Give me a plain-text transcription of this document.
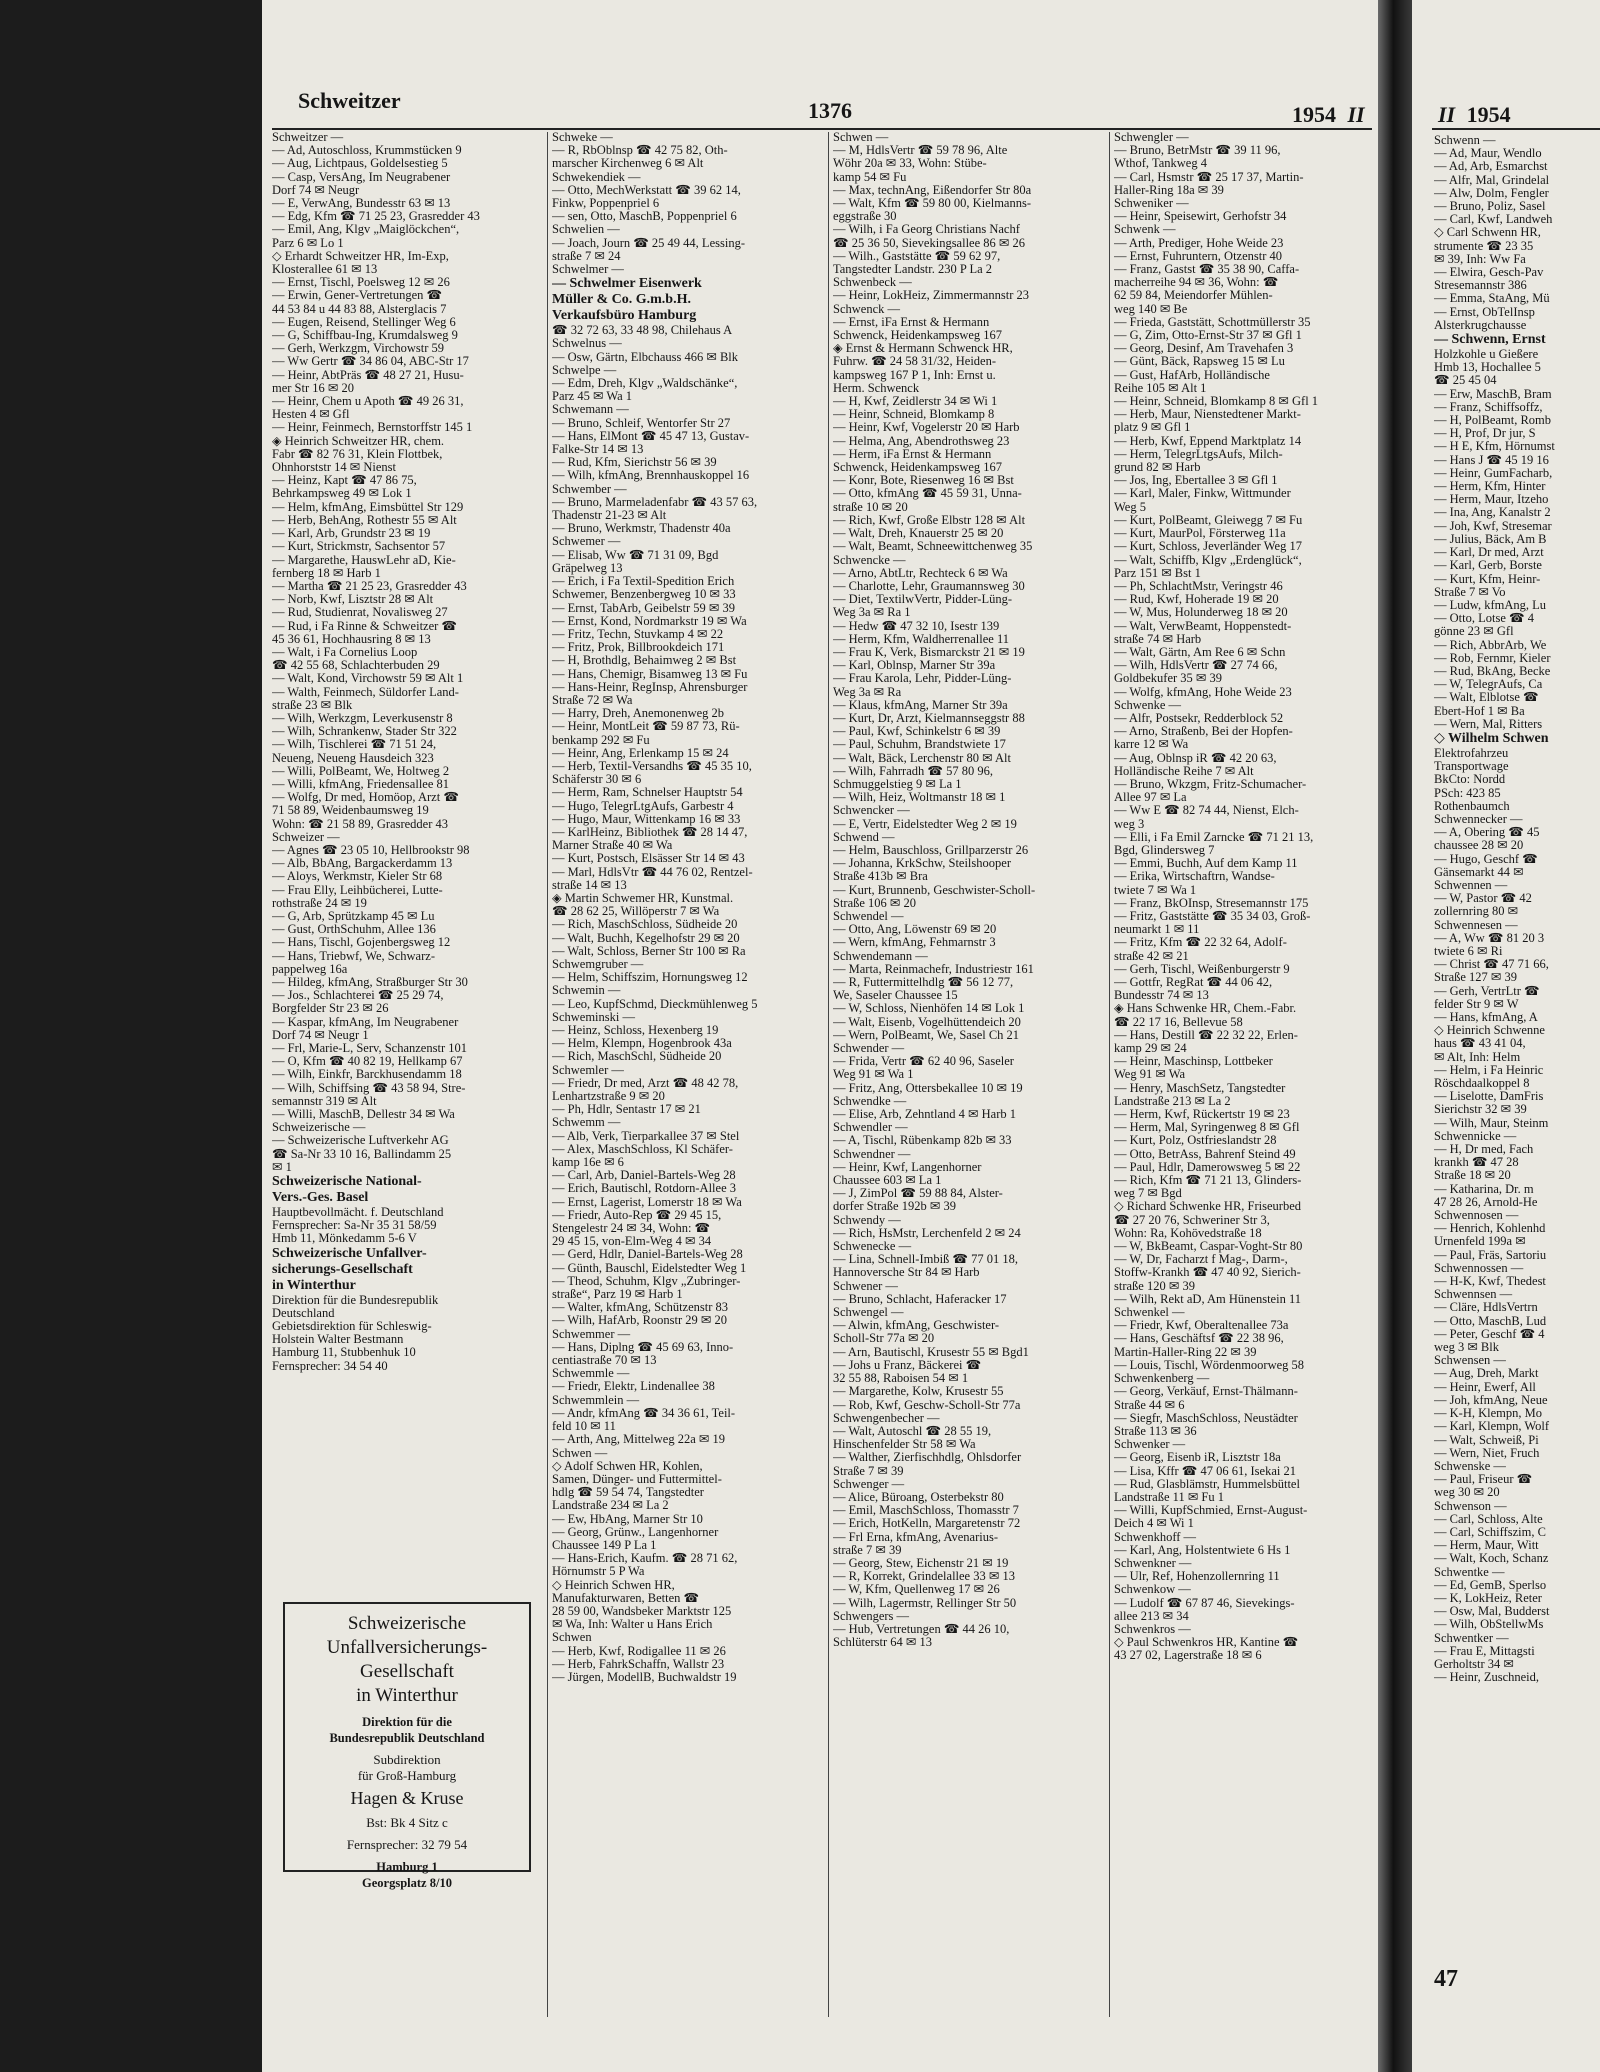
Schweitzer	1376	1954 II
Schweitzer —
— Ad, Autoschloss, Krummstücken 9
— Aug, Lichtpaus, Goldelsestieg 5
— Casp, VersAng, Im Neugrabener
Dorf 74 ✉ Neugr
— E, VerwAng, Bundesstr 63 ✉ 13
— Edg, Kfm ☎ 71 25 23, Grasredder 43
— Emil, Ang, Klgv „Maiglöckchen“,
Parz 6 ✉ Lo 1
◇ Erhardt Schweitzer HR, Im-Exp,
Klosterallee 61 ✉ 13
— Ernst, Tischl, Poelsweg 12 ✉ 26
— Erwin, Gener-Vertretungen ☎
44 53 84 u 44 83 88, Alsterglacis 7
— Eugen, Reisend, Stellinger Weg 6
— G, Schiffbau-Ing, Krumdalsweg 9
— Gerh, Werkzgm, Virchowstr 59
— Ww Gertr ☎ 34 86 04, ABC-Str 17
— Heinr, AbtPräs ☎ 48 27 21, Husu-
mer Str 16 ✉ 20
— Heinr, Chem u Apoth ☎ 49 26 31,
Hesten 4 ✉ Gfl
— Heinr, Feinmech, Bernstorffstr 145 1
◈ Heinrich Schweitzer HR, chem.
Fabr ☎ 82 76 31, Klein Flottbek,
Ohnhorststr 14 ✉ Nienst
— Heinz, Kapt ☎ 47 86 75,
Behrkampsweg 49 ✉ Lok 1
— Helm, kfmAng, Eimsbüttel Str 129
— Herb, BehAng, Rothestr 55 ✉ Alt
— Karl, Arb, Grundstr 23 ✉ 19
— Kurt, Strickmstr, Sachsentor 57
— Margarethe, HauswLehr aD, Kie-
fernberg 18 ✉ Harb 1
— Martha ☎ 21 25 23, Grasredder 43
— Norb, Kwf, Lisztstr 28 ✉ Alt
— Rud, Studienrat, Novalisweg 27
— Rud, i Fa Rinne & Schweitzer ☎
45 36 61, Hochhausring 8 ✉ 13
— Walt, i Fa Cornelius Loop
☎ 42 55 68, Schlachterbuden 29
— Walt, Kond, Virchowstr 59 ✉ Alt 1
— Walth, Feinmech, Süldorfer Land-
straße 23 ✉ Blk
— Wilh, Werkzgm, Leverkusenstr 8
— Wilh, Schrankenw, Stader Str 322
— Wilh, Tischlerei ☎ 71 51 24,
Neueng, Neueng Hausdeich 323
— Willi, PolBeamt, We, Holtweg 2
— Willi, kfmAng, Friedensallee 81
— Wolfg, Dr med, Homöop, Arzt ☎
71 58 89, Weidenbaumsweg 19
Wohn: ☎ 21 58 89, Grasredder 43
Schweizer —
— Agnes ☎ 23 05 10, Hellbrookstr 98
— Alb, BbAng, Bargackerdamm 13
— Aloys, Werkmstr, Kieler Str 68
— Frau Elly, Leihbücherei, Lutte-
rothstraße 24 ✉ 19
— G, Arb, Sprützkamp 45 ✉ Lu
— Gust, OrthSchuhm, Allee 136
— Hans, Tischl, Gojenbergsweg 12
— Hans, Triebwf, We, Schwarz-
pappelweg 16a
— Hildeg, kfmAng, Straßburger Str 30
— Jos., Schlachterei ☎ 25 29 74,
Borgfelder Str 23 ✉ 26
— Kaspar, kfmAng, Im Neugrabener
Dorf 74 ✉ Neugr 1
— Frl, Marie-L, Serv, Schanzenstr 101
— O, Kfm ☎ 40 82 19, Hellkamp 67
— Wilh, Einkfr, Barckhusendamm 18
— Wilh, Schiffsing ☎ 43 58 94, Stre-
semannstr 319 ✉ Alt
— Willi, MaschB, Dellestr 34 ✉ Wa
Schweizerische —
— Schweizerische Luftverkehr AG
☎ Sa-Nr 33 10 16, Ballindamm 25
✉ 1
Schweizerische National-
Vers.-Ges. Basel
Hauptbevollmächt. f. Deutschland
Fernsprecher: Sa-Nr 35 31 58/59
Hmb 11, Mönkedamm 5-6 V
Schweizerische Unfallver-
sicherungs-Gesellschaft
in Winterthur
Direktion für die Bundesrepublik
Deutschland
Gebietsdirektion für Schleswig-
Holstein Walter Bestmann
Hamburg 11, Stubbenhuk 10
Fernsprecher: 34 54 40
Schweke —
— R, RbOblnsp ☎ 42 75 82, Oth-
marscher Kirchenweg 6 ✉ Alt
Schwekendiek —
— Otto, MechWerkstatt ☎ 39 62 14,
Finkw, Poppenpriel 6
— sen, Otto, MaschB, Poppenpriel 6
Schwelien —
— Joach, Journ ☎ 25 49 44, Lessing-
straße 7 ✉ 24
Schwelmer —
— Schwelmer Eisenwerk
Müller & Co. G.m.b.H.
Verkaufsbüro Hamburg
☎ 32 72 63, 33 48 98, Chilehaus A
Schwelnus —
— Osw, Gärtn, Elbchauss 466 ✉ Blk
Schwelpe —
— Edm, Dreh, Klgv „Waldschänke“,
Parz 45 ✉ Wa 1
Schwemann —
— Bruno, Schleif, Wentorfer Str 27
— Hans, ElMont ☎ 45 47 13, Gustav-
Falke-Str 14 ✉ 13
— Rud, Kfm, Sierichstr 56 ✉ 39
— Wilh, kfmAng, Brennhauskoppel 16
Schwember —
— Bruno, Marmeladenfabr ☎ 43 57 63,
Thadenstr 21-23 ✉ Alt
— Bruno, Werkmstr, Thadenstr 40a
Schwemer —
— Elisab, Ww ☎ 71 31 09, Bgd
Gräpelweg 13
— Erich, i Fa Textil-Spedition Erich
Schwemer, Benzenbergweg 10 ✉ 33
— Ernst, TabArb, Geibelstr 59 ✉ 39
— Ernst, Kond, Nordmarkstr 19 ✉ Wa
— Fritz, Techn, Stuvkamp 4 ✉ 22
— Fritz, Prok, Billbrookdeich 171
— H, Brothdlg, Behaimweg 2 ✉ Bst
— Hans, Chemigr, Bisamweg 13 ✉ Fu
— Hans-Heinr, RegInsp, Ahrensburger
Straße 72 ✉ Wa
— Harry, Dreh, Anemonenweg 2b
— Heinr, MontLeit ☎ 59 87 73, Rü-
benkamp 292 ✉ Fu
— Heinr, Ang, Erlenkamp 15 ✉ 24
— Herb, Textil-Versandhs ☎ 45 35 10,
Schäferstr 30 ✉ 6
— Herm, Ram, Schnelser Hauptstr 54
— Hugo, TelegrLtgAufs, Garbestr 4
— Hugo, Maur, Wittenkamp 16 ✉ 33
— KarlHeinz, Bibliothek ☎ 28 14 47,
Marner Straße 40 ✉ Wa
— Kurt, Postsch, Elsässer Str 14 ✉ 43
— Marl, HdlsVtr ☎ 44 76 02, Rentzel-
straße 14 ✉ 13
◈ Martin Schwemer HR, Kunstmal.
☎ 28 62 25, Willöperstr 7 ✉ Wa
— Rich, MaschSchloss, Südheide 20
— Walt, Buchh, Kegelhofstr 29 ✉ 20
— Walt, Schloss, Berner Str 100 ✉ Ra
Schwemgruber —
— Helm, Schiffszim, Hornungsweg 12
Schwemin —
— Leo, KupfSchmd, Dieckmühlenweg 5
Schweminski —
— Heinz, Schloss, Hexenberg 19
— Helm, Klempn, Hogenbrook 43a
— Rich, MaschSchl, Südheide 20
Schwemler —
— Friedr, Dr med, Arzt ☎ 48 42 78,
Lenhartzstraße 9 ✉ 20
— Ph, Hdlr, Sentastr 17 ✉ 21
Schwemm —
— Alb, Verk, Tierparkallee 37 ✉ Stel
— Alex, MaschSchloss, Kl Schäfer-
kamp 16e ✉ 6
— Carl, Arb, Daniel-Bartels-Weg 28
— Erich, Bautischl, Rotdorn-Allee 3
— Ernst, Lagerist, Lomerstr 18 ✉ Wa
— Friedr, Auto-Rep ☎ 29 45 15,
Stengelestr 24 ✉ 34, Wohn: ☎
29 45 15, von-Elm-Weg 4 ✉ 34
— Gerd, Hdlr, Daniel-Bartels-Weg 28
— Günth, Bauschl, Eidelstedter Weg 1
— Theod, Schuhm, Klgv „Zubringer-
straße“, Parz 19 ✉ Harb 1
— Walter, kfmAng, Schützenstr 83
— Wilh, HafArb, Roonstr 29 ✉ 20
Schwemmer —
— Hans, Diplng ☎ 45 69 63, Inno-
centiastraße 70 ✉ 13
Schwemmle —
— Friedr, Elektr, Lindenallee 38
Schwemmlein —
— Andr, kfmAng ☎ 34 36 61, Teil-
feld 10 ✉ 11
— Arth, Ang, Mittelweg 22a ✉ 19
Schwen —
◇ Adolf Schwen HR, Kohlen,
Samen, Dünger- und Futtermittel-
hdlg ☎ 59 54 74, Tangstedter
Landstraße 234 ✉ La 2
— Ew, HbAng, Marner Str 10
— Georg, Grünw., Langenhorner
Chaussee 149 P La 1
— Hans-Erich, Kaufm. ☎ 28 71 62,
Hörnumstr 5 P Wa
◇ Heinrich Schwen HR,
Manufakturwaren, Betten ☎
28 59 00, Wandsbeker Marktstr 125
✉ Wa, Inh: Walter u Hans Erich
Schwen
— Herb, Kwf, Rodigallee 11 ✉ 26
— Herb, FahrkSchaffn, Wallstr 23
— Jürgen, ModellB, Buchwaldstr 19
Schwen —
— M, HdlsVertr ☎ 59 78 96, Alte
Wöhr 20a ✉ 33, Wohn: Stübe-
kamp 54 ✉ Fu
— Max, technAng, Eißendorfer Str 80a
— Walt, Kfm ☎ 59 80 00, Kielmanns-
eggstraße 30
— Wilh, i Fa Georg Christians Nachf
☎ 25 36 50, Sievekingsallee 86 ✉ 26
— Wilh., Gaststätte ☎ 59 62 97,
Tangstedter Landstr. 230 P La 2
Schwenbeck —
— Heinr, LokHeiz, Zimmermannstr 23
Schwenck —
— Ernst, iFa Ernst & Hermann
Schwenck, Heidenkampsweg 167
◈ Ernst & Hermann Schwenck HR,
Fuhrw. ☎ 24 58 31/32, Heiden-
kampsweg 167 P 1, Inh: Ernst u.
Herm. Schwenck
— H, Kwf, Zeidlerstr 34 ✉ Wi 1
— Heinr, Schneid, Blomkamp 8
— Heinr, Kwf, Vogelerstr 20 ✉ Harb
— Helma, Ang, Abendrothsweg 23
— Herm, iFa Ernst & Hermann
Schwenck, Heidenkampsweg 167
— Konr, Bote, Riesenweg 16 ✉ Bst
— Otto, kfmAng ☎ 45 59 31, Unna-
straße 10 ✉ 20
— Rich, Kwf, Große Elbstr 128 ✉ Alt
— Walt, Dreh, Knauerstr 25 ✉ 20
— Walt, Beamt, Schneewittchenweg 35
Schwencke —
— Arno, AbtLtr, Rechteck 6 ✉ Wa
— Charlotte, Lehr, Graumannsweg 30
— Diet, TextilwVertr, Pidder-Lüng-
Weg 3a ✉ Ra 1
— Hedw ☎ 47 32 10, Isestr 139
— Herm, Kfm, Waldherrenallee 11
— Frau K, Verk, Bismarckstr 21 ✉ 19
— Karl, Oblnsp, Marner Str 39a
— Frau Karola, Lehr, Pidder-Lüng-
Weg 3a ✉ Ra
— Klaus, kfmAng, Marner Str 39a
— Kurt, Dr, Arzt, Kielmannseggstr 88
— Paul, Kwf, Schinkelstr 6 ✉ 39
— Paul, Schuhm, Brandstwiete 17
— Walt, Bäck, Lerchenstr 80 ✉ Alt
— Wilh, Fahrradh ☎ 57 80 96,
Schmuggelstieg 9 ✉ La 1
— Wilh, Heiz, Woltmanstr 18 ✉ 1
Schwencker —
— E, Vertr, Eidelstedter Weg 2 ✉ 19
Schwend —
— Helm, Bauschloss, Grillparzerstr 26
— Johanna, KrkSchw, Steilshooper
Straße 413b ✉ Bra
— Kurt, Brunnenb, Geschwister-Scholl-
Straße 106 ✉ 20
Schwendel —
— Otto, Ang, Löwenstr 69 ✉ 20
— Wern, kfmAng, Fehmarnstr 3
Schwendemann —
— Marta, Reinmachefr, Industriestr 161
— R, Futtermittelhdlg ☎ 56 12 77,
We, Saseler Chaussee 15
— W, Schloss, Nienhöfen 14 ✉ Lok 1
— Walt, Eisenb, Vogelhüttendeich 20
— Wern, PolBeamt, We, Sasel Ch 21
Schwender —
— Frida, Vertr ☎ 62 40 96, Saseler
Weg 91 ✉ Wa 1
— Fritz, Ang, Ottersbekallee 10 ✉ 19
Schwendke —
— Elise, Arb, Zehntland 4 ✉ Harb 1
Schwendler —
— A, Tischl, Rübenkamp 82b ✉ 33
Schwendner —
— Heinr, Kwf, Langenhorner
Chaussee 603 ✉ La 1
— J, ZimPol ☎ 59 88 84, Alster-
dorfer Straße 192b ✉ 39
Schwendy —
— Rich, HsMstr, Lerchenfeld 2 ✉ 24
Schwenecke —
— Lina, Schnell-Imbiß ☎ 77 01 18,
Hannoversche Str 84 ✉ Harb
Schwener —
— Bruno, Schlacht, Haferacker 17
Schwengel —
— Alwin, kfmAng, Geschwister-
Scholl-Str 77a ✉ 20
— Arn, Bautischl, Krusestr 55 ✉ Bgd1
— Johs u Franz, Bäckerei ☎
32 55 88, Raboisen 54 ✉ 1
— Margarethe, Kolw, Krusestr 55
— Rob, Kwf, Geschw-Scholl-Str 77a
Schwengenbecher —
— Walt, Autoschl ☎ 28 55 19,
Hinschenfelder Str 58 ✉ Wa
— Walther, Zierfischhdlg, Ohlsdorfer
Straße 7 ✉ 39
Schwenger —
— Alice, Büroang, Osterbekstr 80
— Emil, MaschSchloss, Thomasstr 7
— Erich, HotKelln, Margaretenstr 72
— Frl Erna, kfmAng, Avenarius-
straße 7 ✉ 39
— Georg, Stew, Eichenstr 21 ✉ 19
— R, Korrekt, Grindelallee 33 ✉ 13
— W, Kfm, Quellenweg 17 ✉ 26
— Wilh, Lagermstr, Rellinger Str 50
Schwengers —
— Hub, Vertretungen ☎ 44 26 10,
Schlüterstr 64 ✉ 13
Schwengler —
— Bruno, BetrMstr ☎ 39 11 96,
Wthof, Tankweg 4
— Carl, Hsmstr ☎ 25 17 37, Martin-
Haller-Ring 18a ✉ 39
Schweniker —
— Heinr, Speisewirt, Gerhofstr 34
Schwenk —
— Arth, Prediger, Hohe Weide 23
— Ernst, Fuhruntern, Otzenstr 40
— Franz, Gastst ☎ 35 38 90, Caffa-
macherreihe 94 ✉ 36, Wohn: ☎
62 59 84, Meiendorfer Mühlen-
weg 140 ✉ Be
— Frieda, Gaststätt, Schottmüllerstr 35
— G, Zim, Otto-Ernst-Str 37 ✉ Gfl 1
— Georg, Desinf, Am Travehafen 3
— Günt, Bäck, Rapsweg 15 ✉ Lu
— Gust, HafArb, Holländische
Reihe 105 ✉ Alt 1
— Heinr, Schneid, Blomkamp 8 ✉ Gfl 1
— Herb, Maur, Nienstedtener Markt-
platz 9 ✉ Gfl 1
— Herb, Kwf, Eppend Marktplatz 14
— Herm, TelegrLtgsAufs, Milch-
grund 82 ✉ Harb
— Jos, Ing, Ebertallee 3 ✉ Gfl 1
— Karl, Maler, Finkw, Wittmunder
Weg 5
— Kurt, PolBeamt, Gleiwegg 7 ✉ Fu
— Kurt, MaurPol, Försterweg 11a
— Kurt, Schloss, Jeverländer Weg 17
— Walt, Schiffb, Klgv „Erdenglück“,
Parz 151 ✉ Bst 1
— Ph, SchlachtMstr, Veringstr 46
— Rud, Kwf, Hoherade 19 ✉ 20
— W, Mus, Holunderweg 18 ✉ 20
— Walt, VerwBeamt, Hoppenstedt-
straße 74 ✉ Harb
— Walt, Gärtn, Am Ree 6 ✉ Schn
— Wilh, HdlsVertr ☎ 27 74 66,
Goldbekufer 35 ✉ 39
— Wolfg, kfmAng, Hohe Weide 23
Schwenke —
— Alfr, Postsekr, Redderblock 52
— Arno, Straßenb, Bei der Hopfen-
karre 12 ✉ Wa
— Aug, Oblnsp iR ☎ 42 20 63,
Holländische Reihe 7 ✉ Alt
— Bruno, Wkzgm, Fritz-Schumacher-
Allee 97 ✉ La
— Ww E ☎ 82 74 44, Nienst, Elch-
weg 3
— Elli, i Fa Emil Zarncke ☎ 71 21 13,
Bgd, Glindersweg 7
— Emmi, Buchh, Auf dem Kamp 11
— Erika, Wirtschaftrn, Wandse-
twiete 7 ✉ Wa 1
— Franz, BkOInsp, Stresemannstr 175
— Fritz, Gaststätte ☎ 35 34 03, Groß-
neumarkt 1 ✉ 11
— Fritz, Kfm ☎ 22 32 64, Adolf-
straße 42 ✉ 21
— Gerh, Tischl, Weißenburgerstr 9
— Gottfr, RegRat ☎ 44 06 42,
Bundesstr 74 ✉ 13
◈ Hans Schwenke HR, Chem.-Fabr.
☎ 22 17 16, Bellevue 58
— Hans, Destill ☎ 22 32 22, Erlen-
kamp 29 ✉ 24
— Heinr, Maschinsp, Lottbeker
Weg 91 ✉ Wa
— Henry, MaschSetz, Tangstedter
Landstraße 213 ✉ La 2
— Herm, Kwf, Rückertstr 19 ✉ 23
— Herm, Mal, Syringenweg 8 ✉ Gfl
— Kurt, Polz, Ostfrieslandstr 28
— Otto, BetrAss, Bahrenf Steind 49
— Paul, Hdlr, Damerowsweg 5 ✉ 22
— Rich, Kfm ☎ 71 21 13, Glinders-
weg 7 ✉ Bgd
◇ Richard Schwenke HR, Friseurbed
☎ 27 20 76, Schweriner Str 3,
Wohn: Ra, Kohövedstraße 18
— W, BkBeamt, Caspar-Voght-Str 80
— W, Dr, Facharzt f Mag-, Darm-,
Stoffw-Krankh ☎ 47 40 92, Sierich-
straße 120 ✉ 39
— Wilh, Rekt aD, Am Hünenstein 11
Schwenkel —
— Friedr, Kwf, Oberaltenallee 73a
— Hans, Geschäftsf ☎ 22 38 96,
Martin-Haller-Ring 22 ✉ 39
— Louis, Tischl, Wördenmoorweg 58
Schwenkenberg —
— Georg, Verkäuf, Ernst-Thälmann-
Straße 44 ✉ 6
— Siegfr, MaschSchloss, Neustädter
Straße 113 ✉ 36
Schwenker —
— Georg, Eisenb iR, Lisztstr 18a
— Lisa, Kffr ☎ 47 06 61, Isekai 21
— Rud, Glasblämstr, Hummelsbüttel
Landstraße 11 ✉ Fu 1
— Willi, KupfSchmied, Ernst-August-
Deich 4 ✉ Wi 1
Schwenkhoff —
— Karl, Ang, Holstentwiete 6 Hs 1
Schwenkner —
— Ulr, Ref, Hohenzollernring 11
Schwenkow —
— Ludolf ☎ 67 87 46, Sievekings-
allee 213 ✉ 34
Schwenkros —
◇ Paul Schwenkros HR, Kantine ☎
43 27 02, Lagerstraße 18 ✉ 6
Schweizerische
Unfallversicherungs-
Gesellschaft
in Winterthur
Direktion für die
Bundesrepublik Deutschland
Subdirektion
für Groß-Hamburg
Hagen & Kruse
Bst: Bk 4 Sitz c
Fernsprecher: 32 79 54
Hamburg 1
Georgsplatz 8/10
II 1954
Schwenn —
— Ad, Maur, Wendlo
— Ad, Arb, Esmarchst
— Alfr, Mal, Grindelal
— Alw, Dolm, Fengler
— Bruno, Poliz, Sasel
— Carl, Kwf, Landweh
◇ Carl Schwenn HR,
strumente ☎ 23 35
✉ 39, Inh: Ww Fa
— Elwira, Gesch-Pav
Stresemannstr 386
— Emma, StaAng, Mü
— Ernst, ObTelInsp
Alsterkrugchausse
— Schwenn, Ernst
Holzkohle u Gießere
Hmb 13, Hochallee 5
☎ 25 45 04
— Erw, MaschB, Bram
— Franz, Schiffsoffz,
— H, PolBeamt, Romb
— H, Prof, Dr jur, S
— H E, Kfm, Hörnumst
— Hans J ☎ 45 19 16
— Heinr, GumFacharb,
— Herm, Kfm, Hinter
— Herm, Maur, Itzeho
— Ina, Ang, Kanalstr 2
— Joh, Kwf, Stresemar
— Julius, Bäck, Am B
— Karl, Dr med, Arzt
— Karl, Gerb, Borste
— Kurt, Kfm, Heinr-
Straße 7 ✉ Vo
— Ludw, kfmAng, Lu
— Otto, Lotse ☎ 4
gönne 23 ✉ Gfl
— Rich, AbbrArb, We
— Rob, Fernmr, Kieler
— Rud, BkAng, Becke
— W, TelegrAufs, Ca
— Walt, Elblotse ☎
Ebert-Hof 1 ✉ Ba
— Wern, Mal, Ritters
◇ Wilhelm Schwen
Elektrofahrzeu
Transportwage
BkCto: Nordd
PSch: 423 85
Rothenbaumch
Schwennecker —
— A, Obering ☎ 45
chaussee 28 ✉ 20
— Hugo, Geschf ☎
Gänsemarkt 44 ✉
Schwennen —
— W, Pastor ☎ 42
zollernring 80 ✉
Schwennesen —
— A, Ww ☎ 81 20 3
twiete 6 ✉ Ri
— Christ ☎ 47 71 66,
Straße 127 ✉ 39
— Gerh, VertrLtr ☎
felder Str 9 ✉ W
— Hans, kfmAng, A
◇ Heinrich Schwenne
haus ☎ 43 41 04,
✉ Alt, Inh: Helm
— Helm, i Fa Heinric
Röschdaalkoppel 8
— Liselotte, DamFris
Sierichstr 32 ✉ 39
— Wilh, Maur, Steinm
Schwennicke —
— H, Dr med, Fach
krankh ☎ 47 28
Straße 18 ✉ 20
— Katharina, Dr. m
47 28 26, Arnold-He
Schwennosen —
— Henrich, Kohlenhd
Urnenfeld 199a ✉
— Paul, Fräs, Sartoriu
Schwennossen —
— H-K, Kwf, Thedest
Schwennsen —
— Cläre, HdlsVertrn
— Otto, MaschB, Lud
— Peter, Geschf ☎ 4
weg 3 ✉ Blk
Schwensen —
— Aug, Dreh, Markt
— Heinr, Ewerf, All
— Joh, kfmAng, Neue
— K-H, Klempn, Mo
— Karl, Klempn, Wolf
— Walt, Schweiß, Pi
— Wern, Niet, Fruch
Schwenske —
— Paul, Friseur ☎
weg 30 ✉ 20
Schwenson —
— Carl, Schloss, Alte
— Carl, Schiffszim, C
— Herm, Maur, Witt
— Walt, Koch, Schanz
Schwentke —
— Ed, GemB, Sperlso
— K, LokHeiz, Reter
— Osw, Mal, Budderst
— Wilh, ObStellwMs
Schwentker —
— Frau E, Mittagsti
Gerholtstr 34 ✉
— Heinr, Zuschneid,
47
